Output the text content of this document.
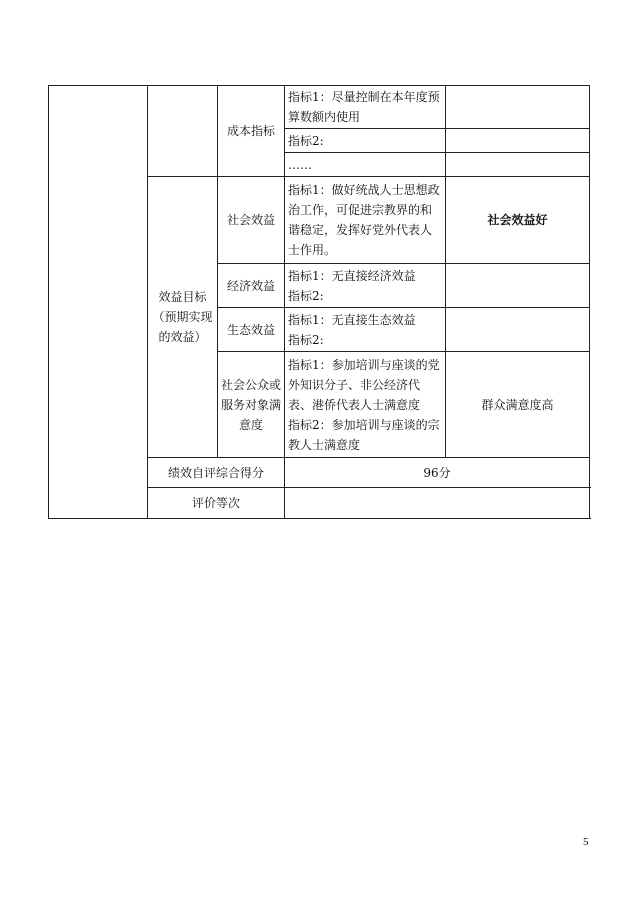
		成本指标	指标1：尽量控制在本年度预算数额内使用	
			指标2:	
			……	
	效益目标
（预期实现的效益）	社会效益	指标1：做好统战人士思想政治工作，可促进宗教界的和谐稳定，发挥好党外代表人士作用。	社会效益好
		经济效益	指标1：无直接经济效益
指标2:	
		生态效益	指标1：无直接生态效益
指标2:	
		社会公众或服务对象满意度	指标1：参加培训与座谈的党外知识分子、非公经济代表、港侨代表人士满意度
指标2：参加培训与座谈的宗教人士满意度	群众满意度高
	绩效自评综合得分		96分	
	评价等次			
5
